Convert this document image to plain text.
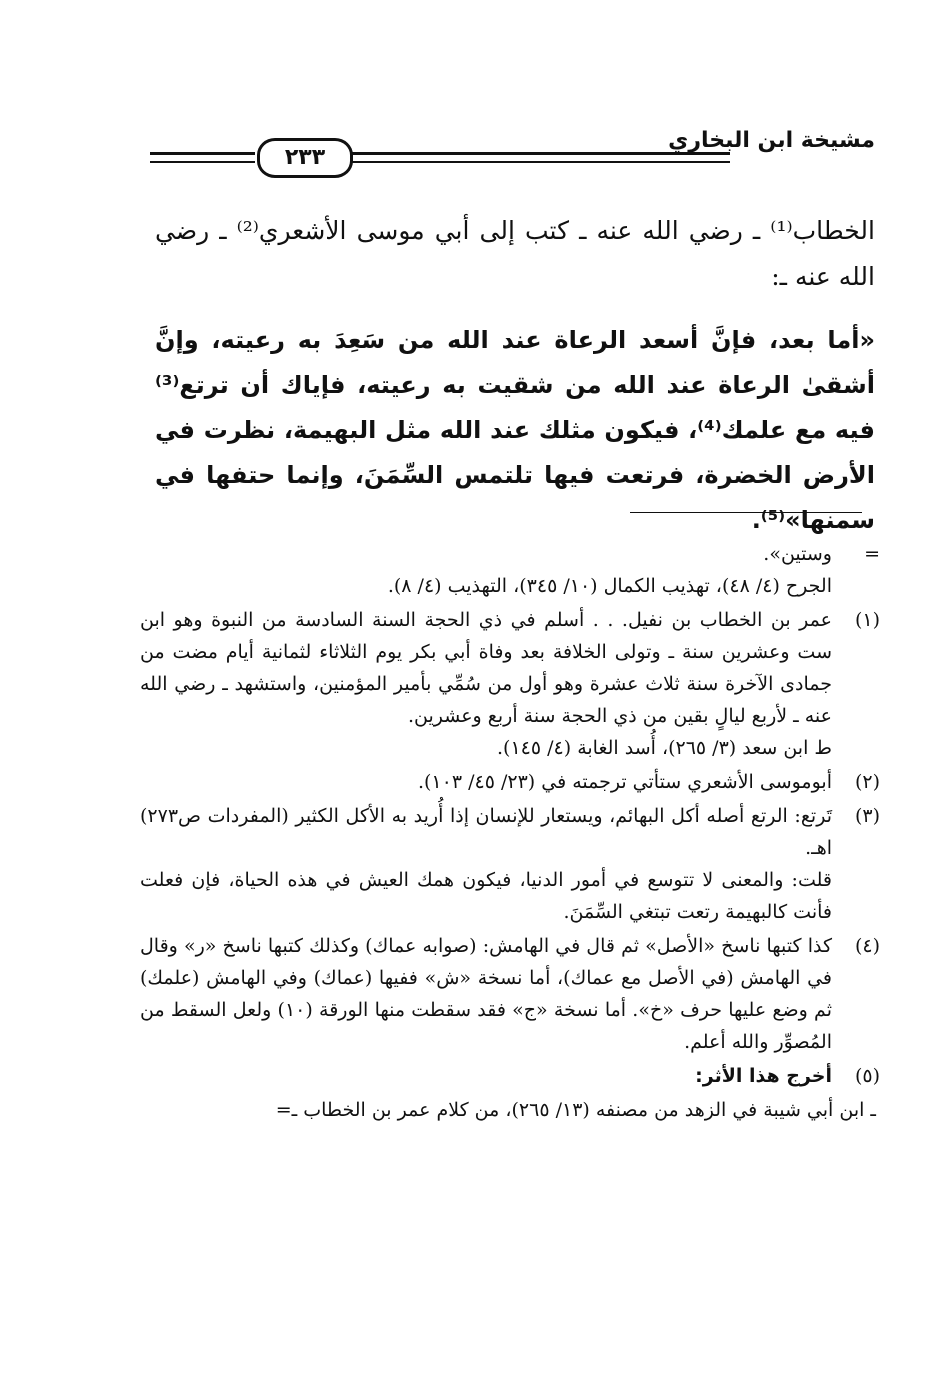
مشيخة ابن البخاري
٢٣٣

الخطاب⁽¹⁾ ـ رضي الله عنه ـ كتب إلى أبي موسى الأشعري⁽²⁾ ـ رضي الله عنه ـ:

«أما بعد، فإنَّ أسعد الرعاة عند الله من سَعِدَ به رعيته، وإنَّ أشقىٰ الرعاة عند الله من شقيت به رعيته، فإياك أن ترتع⁽³⁾ فيه مع علمك⁽⁴⁾، فيكون مثلك عند الله مثل البهيمة، نظرت في الأرض الخضرة، فرتعت فيها تلتمس السِّمَنَ، وإنما حتفها في سمنها»⁽⁵⁾.

=

وستين».

الجرح (٤/ ٤٨)، تهذيب الكمال (١٠/ ٣٤٥)، التهذيب (٤/ ٨).

(١)

عمر بن الخطاب بن نفيل. . . أسلم في ذي الحجة السنة السادسة من النبوة وهو ابن ست وعشرين سنة ـ وتولى الخلافة بعد وفاة أبي بكر يوم الثلاثاء لثمانية أيام مضت من جمادى الآخرة سنة ثلاث عشرة وهو أول من سُمِّي بأمير المؤمنين، واستشهد ـ رضي الله عنه ـ لأربع ليالٍ بقين من ذي الحجة سنة أربع وعشرين.

ط ابن سعد (٣/ ٢٦٥)، أُسد الغابة (٤/ ١٤٥).

(٢)

أبوموسى الأشعري ستأتي ترجمته في (٢٣/ ٤٥/ ١٠٣).

(٣)

تَرتع: الرتع أصله أكل البهائم، ويستعار للإنسان إذا أُريد به الأكل الكثير (المفردات ص٢٧٣) اهـ.

قلت: والمعنى لا تتوسع في أمور الدنيا، فيكون همك العيش في هذه الحياة، فإن فعلت فأنت كالبهيمة رتعت تبتغي السِّمَنَ.

(٤)

كذا كتبها ناسخ «الأصل» ثم قال في الهامش: (صوابه عماك) وكذلك كتبها ناسخ «ر» وقال في الهامش (في الأصل مع عماك)، أما نسخة «ش» ففيها (عماك) وفي الهامش (علمك) ثم وضع عليها حرف «خ». أما نسخة «ج» فقد سقطت منها الورقة (١٠) ولعل السقط من المُصوِّر والله أعلم.

(٥)

أخرج هذا الأثر:

ـ ابن أبي شيبة في الزهد من مصنفه (١٣/ ٢٦٥)، من كلام عمر بن الخطاب ـ=
